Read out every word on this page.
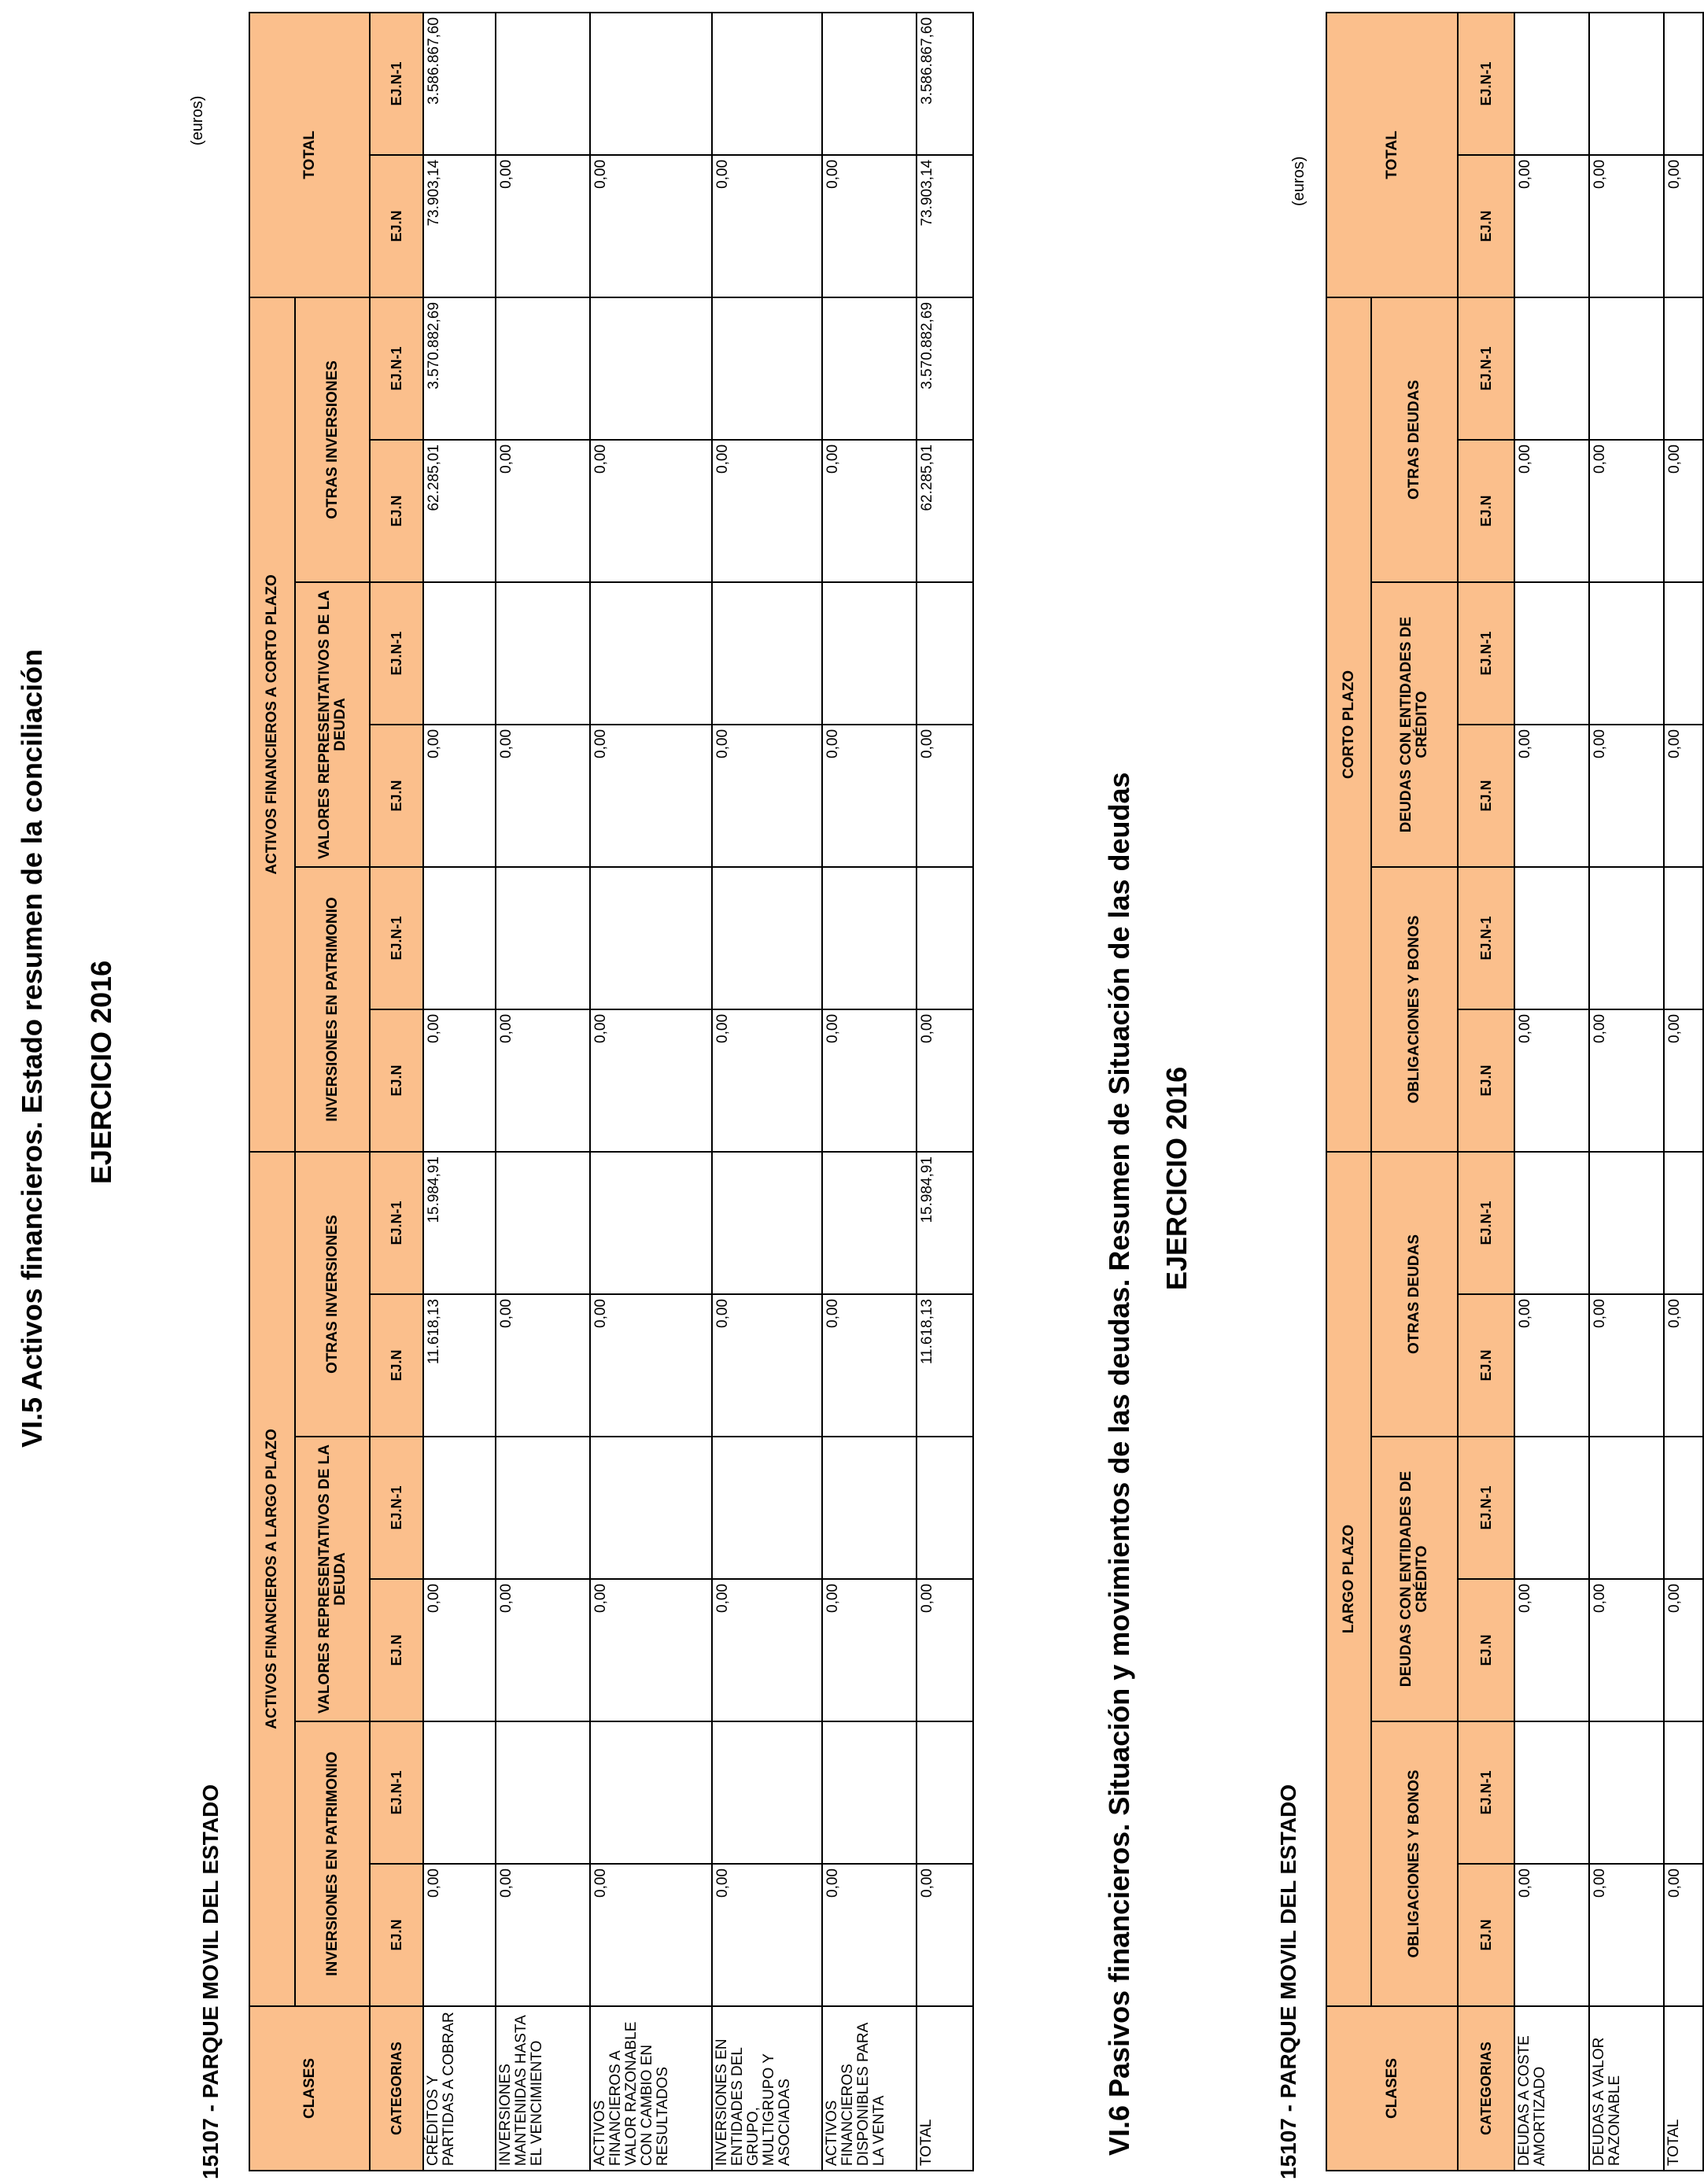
VI.5 Activos financieros. Estado resumen de la conciliación EJERCICIO 2016
15107 - PARQUE MOVIL DEL ESTADO
(euros)
CLASES	ACTIVOS FINANCIEROS A LARGO PLAZO						ACTIVOS FINANCIEROS A CORTO PLAZO						TOTAL	
	INVERSIONES EN PATRIMONIO		VALORES REPRESENTATIVOS DE LA DEUDA		OTRAS INVERSIONES		INVERSIONES EN PATRIMONIO		VALORES REPRESENTATIVOS DE LA DEUDA		OTRAS INVERSIONES			
CATEGORIAS	EJ.N	EJ.N-1	EJ.N	EJ.N-1	EJ.N	EJ.N-1	EJ.N	EJ.N-1	EJ.N	EJ.N-1	EJ.N	EJ.N-1	EJ.N	EJ.N-1
CRÉDITOS Y PARTIDAS A COBRAR	0,00		0,00		11.618,13	15.984,91	0,00		0,00		62.285,01	3.570.882,69	73.903,14	3.586.867,60
INVERSIONES MANTENIDAS HASTA EL VENCIMIENTO	0,00		0,00		0,00		0,00		0,00		0,00		0,00	
ACTIVOS FINANCIEROS A VALOR RAZONABLE CON CAMBIO EN RESULTADOS	0,00		0,00		0,00		0,00		0,00		0,00		0,00	
INVERSIONES EN ENTIDADES DEL GRUPO, MULTIGRUPO Y ASOCIADAS	0,00		0,00		0,00		0,00		0,00		0,00		0,00	
ACTIVOS FINANCIEROS DISPONIBLES PARA LA VENTA	0,00		0,00		0,00		0,00		0,00		0,00		0,00	
TOTAL	0,00		0,00		11.618,13	15.984,91	0,00		0,00		62.285,01	3.570.882,69	73.903,14	3.586.867,60
VI.6 Pasivos financieros. Situación y movimientos de las deudas. Resumen de Situación de las deudas EJERCICIO 2016
15107 - PARQUE MOVIL DEL ESTADO
(euros)
CLASES	LARGO PLAZO						CORTO PLAZO						TOTAL	
	OBLIGACIONES Y BONOS		DEUDAS CON ENTIDADES DE CRÉDITO		OTRAS DEUDAS		OBLIGACIONES Y BONOS		DEUDAS CON ENTIDADES DE CRÉDITO		OTRAS DEUDAS			
CATEGORIAS	EJ.N	EJ.N-1	EJ.N	EJ.N-1	EJ.N	EJ.N-1	EJ.N	EJ.N-1	EJ.N	EJ.N-1	EJ.N	EJ.N-1	EJ.N	EJ.N-1
DEUDAS A COSTE AMORTIZADO	0,00		0,00		0,00		0,00		0,00		0,00		0,00	
DEUDAS A VALOR RAZONABLE	0,00		0,00		0,00		0,00		0,00		0,00		0,00	
TOTAL	0,00		0,00		0,00		0,00		0,00		0,00		0,00	
